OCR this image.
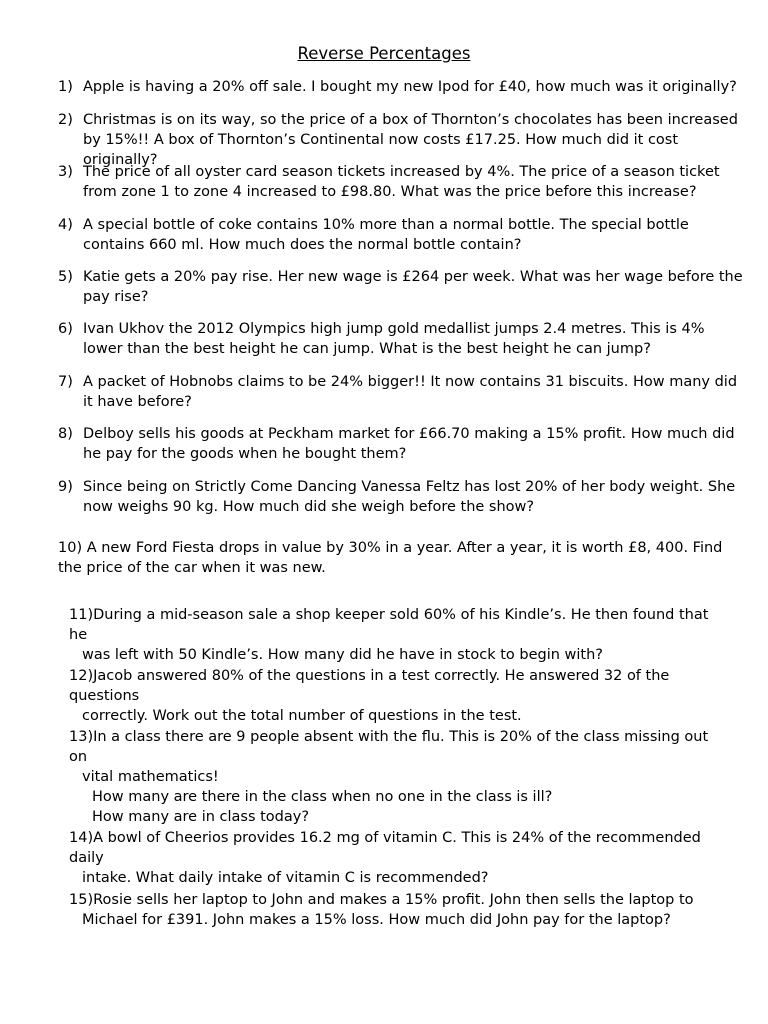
Reverse Percentages
1) Apple is having a 20% off sale. I bought my new Ipod for £40, how much was it originally?
2) Christmas is on its way, so the price of a box of Thornton’s chocolates has been increased by 15%!! A box of Thornton’s Continental now costs £17.25. How much did it cost originally?
3) The price of all oyster card season tickets increased by 4%. The price of a season ticket from zone 1 to zone 4 increased to £98.80. What was the price before this increase?
4) A special bottle of coke contains 10% more than a normal bottle. The special bottle contains 660 ml. How much does the normal bottle contain?
5) Katie gets a 20% pay rise. Her new wage is £264 per week. What was her wage before the pay rise?
6) Ivan Ukhov the 2012 Olympics high jump gold medallist jumps 2.4 metres. This is 4% lower than the best height he can jump. What is the best height he can jump?
7) A packet of Hobnobs claims to be 24% bigger!! It now contains 31 biscuits. How many did it have before?
8) Delboy sells his goods at Peckham market for £66.70 making a 15% profit. How much did he pay for the goods when he bought them?
9) Since being on Strictly Come Dancing Vanessa Feltz has lost 20% of her body weight. She now weighs 90 kg. How much did she weigh before the show?
10) A new Ford Fiesta drops in value by 30% in a year. After a year, it is worth £8, 400. Find the price of the car when it was new.
11)During a mid-season sale a shop keeper sold 60% of his Kindle’s. He then found that he
was left with 50 Kindle’s. How many did he have in stock to begin with?
12)Jacob answered 80% of the questions in a test correctly. He answered 32 of the questions
correctly. Work out the total number of questions in the test.
13)In a class there are 9 people absent with the flu. This is 20% of the class missing out on
vital mathematics!
How many are there in the class when no one in the class is ill?
How many are in class today?
14)A bowl of Cheerios provides 16.2 mg of vitamin C. This is 24% of the recommended daily
intake. What daily intake of vitamin C is recommended?
15)Rosie sells her laptop to John and makes a 15% profit. John then sells the laptop to
Michael for £391. John makes a 15% loss. How much did John pay for the laptop?
